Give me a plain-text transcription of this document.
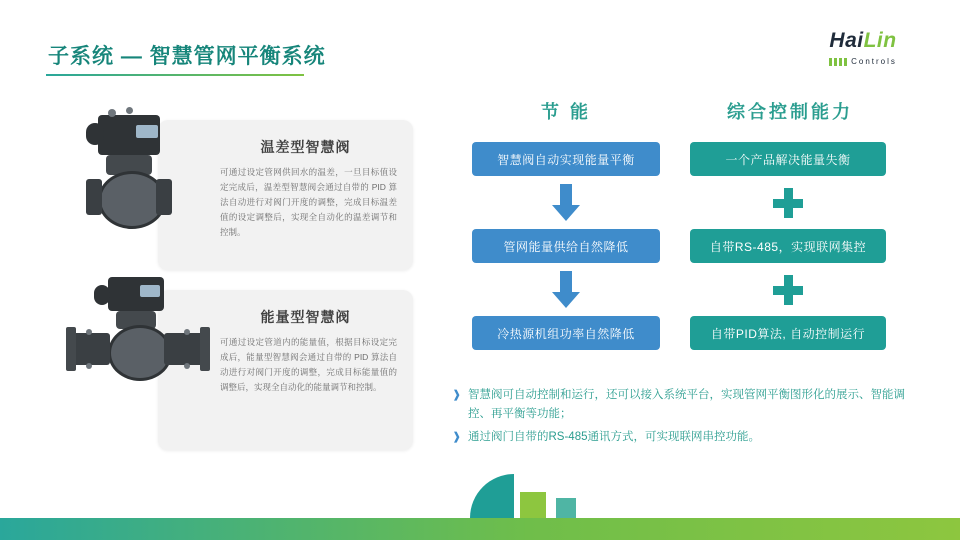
子系统 — 智慧管网平衡系统
HaiLin
Controls
温差型智慧阀
可通过设定管网供回水的温差，一旦目标值设定完成后，温差型智慧阀会通过自带的 PID 算法自动进行对阀门开度的调整，完成目标温差值的设定调整后，实现全自动化的温差调节和控制。
能量型智慧阀
可通过设定管道内的能量值，根据目标设定完成后，能量型智慧阀会通过自带的 PID 算法自动进行对阀门开度的调整，完成目标能量值的调整后，实现全自动化的能量调节和控制。
节 能
智慧阀自动实现能量平衡
管网能量供给自然降低
冷热源机组功率自然降低
综合控制能力
一个产品解决能量失衡
自带RS-485，实现联网集控
自带PID算法, 自动控制运行
❱ 智慧阀可自动控制和运行，还可以接入系统平台，实现管网平衡图形化的展示、智能调控、再平衡等功能；
❱ 通过阀门自带的RS-485通讯方式，可实现联网串控功能。
